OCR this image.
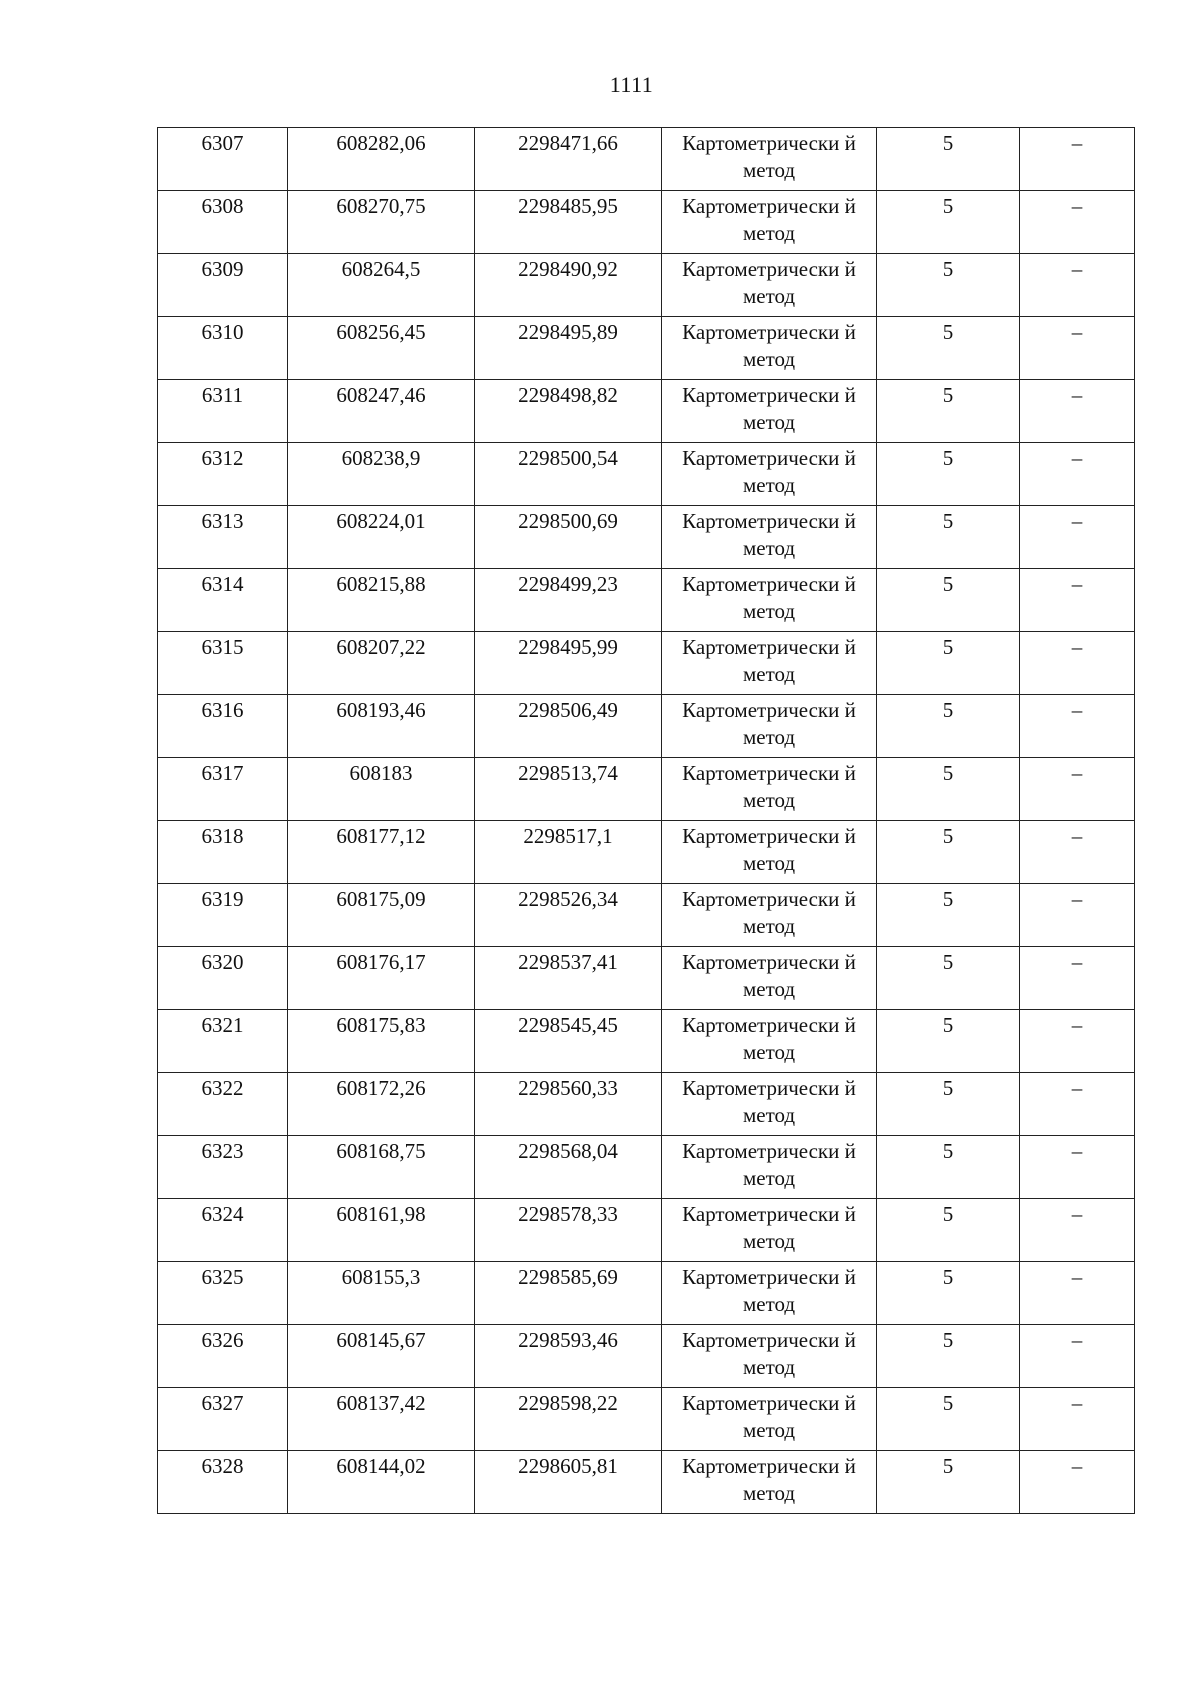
1111
6307	608282,06	2298471,66	Картометрически й метод	5	–
6308	608270,75	2298485,95	Картометрически й метод	5	–
6309	608264,5	2298490,92	Картометрически й метод	5	–
6310	608256,45	2298495,89	Картометрически й метод	5	–
6311	608247,46	2298498,82	Картометрически й метод	5	–
6312	608238,9	2298500,54	Картометрически й метод	5	–
6313	608224,01	2298500,69	Картометрически й метод	5	–
6314	608215,88	2298499,23	Картометрически й метод	5	–
6315	608207,22	2298495,99	Картометрически й метод	5	–
6316	608193,46	2298506,49	Картометрически й метод	5	–
6317	608183	2298513,74	Картометрически й метод	5	–
6318	608177,12	2298517,1	Картометрически й метод	5	–
6319	608175,09	2298526,34	Картометрически й метод	5	–
6320	608176,17	2298537,41	Картометрически й метод	5	–
6321	608175,83	2298545,45	Картометрически й метод	5	–
6322	608172,26	2298560,33	Картометрически й метод	5	–
6323	608168,75	2298568,04	Картометрически й метод	5	–
6324	608161,98	2298578,33	Картометрически й метод	5	–
6325	608155,3	2298585,69	Картометрически й метод	5	–
6326	608145,67	2298593,46	Картометрически й метод	5	–
6327	608137,42	2298598,22	Картометрически й метод	5	–
6328	608144,02	2298605,81	Картометрически й метод	5	–
